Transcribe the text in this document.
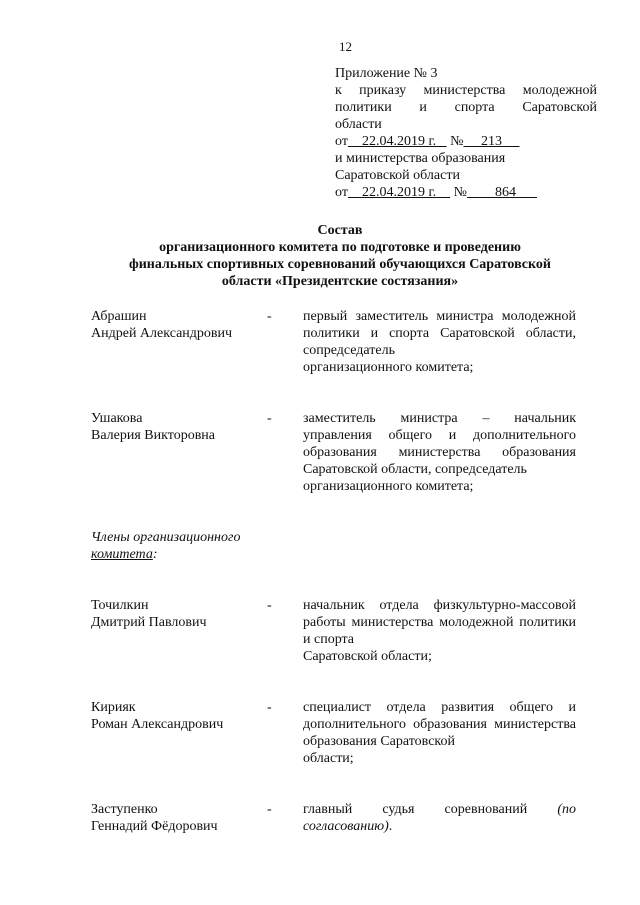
12
Приложение № 3
к приказу министерства молодежной
политики и спорта Саратовской
области
от 22.04.2019 г. № 213
и министерства образования
Саратовской области
от 22.04.2019 г. № 864
Состав
организационного комитета по подготовке и проведению
финальных спортивных соревнований обучающихся Саратовской
области «Президентские состязания»
Абрашин
Андрей Александрович
- первый заместитель министра молодежной политики и спорта Саратовской области, сопредседатель
организационного комитета;
Ушакова
Валерия Викторовна
- заместитель министра – начальник управления общего и дополнительного образования министерства образования Саратовской области, сопредседатель
организационного комитета;
Члены организационного
комитета:
Точилкин
Дмитрий Павлович
- начальник отдела физкультурно-массовой работы министерства молодежной политики и спорта
Саратовской области;
Кирияк
Роман Александрович
- специалист отдела развития общего и дополнительного образования министерства образования Саратовской
области;
Заступенко
Геннадий Фёдорович
- главный судья соревнований (по согласованию).
